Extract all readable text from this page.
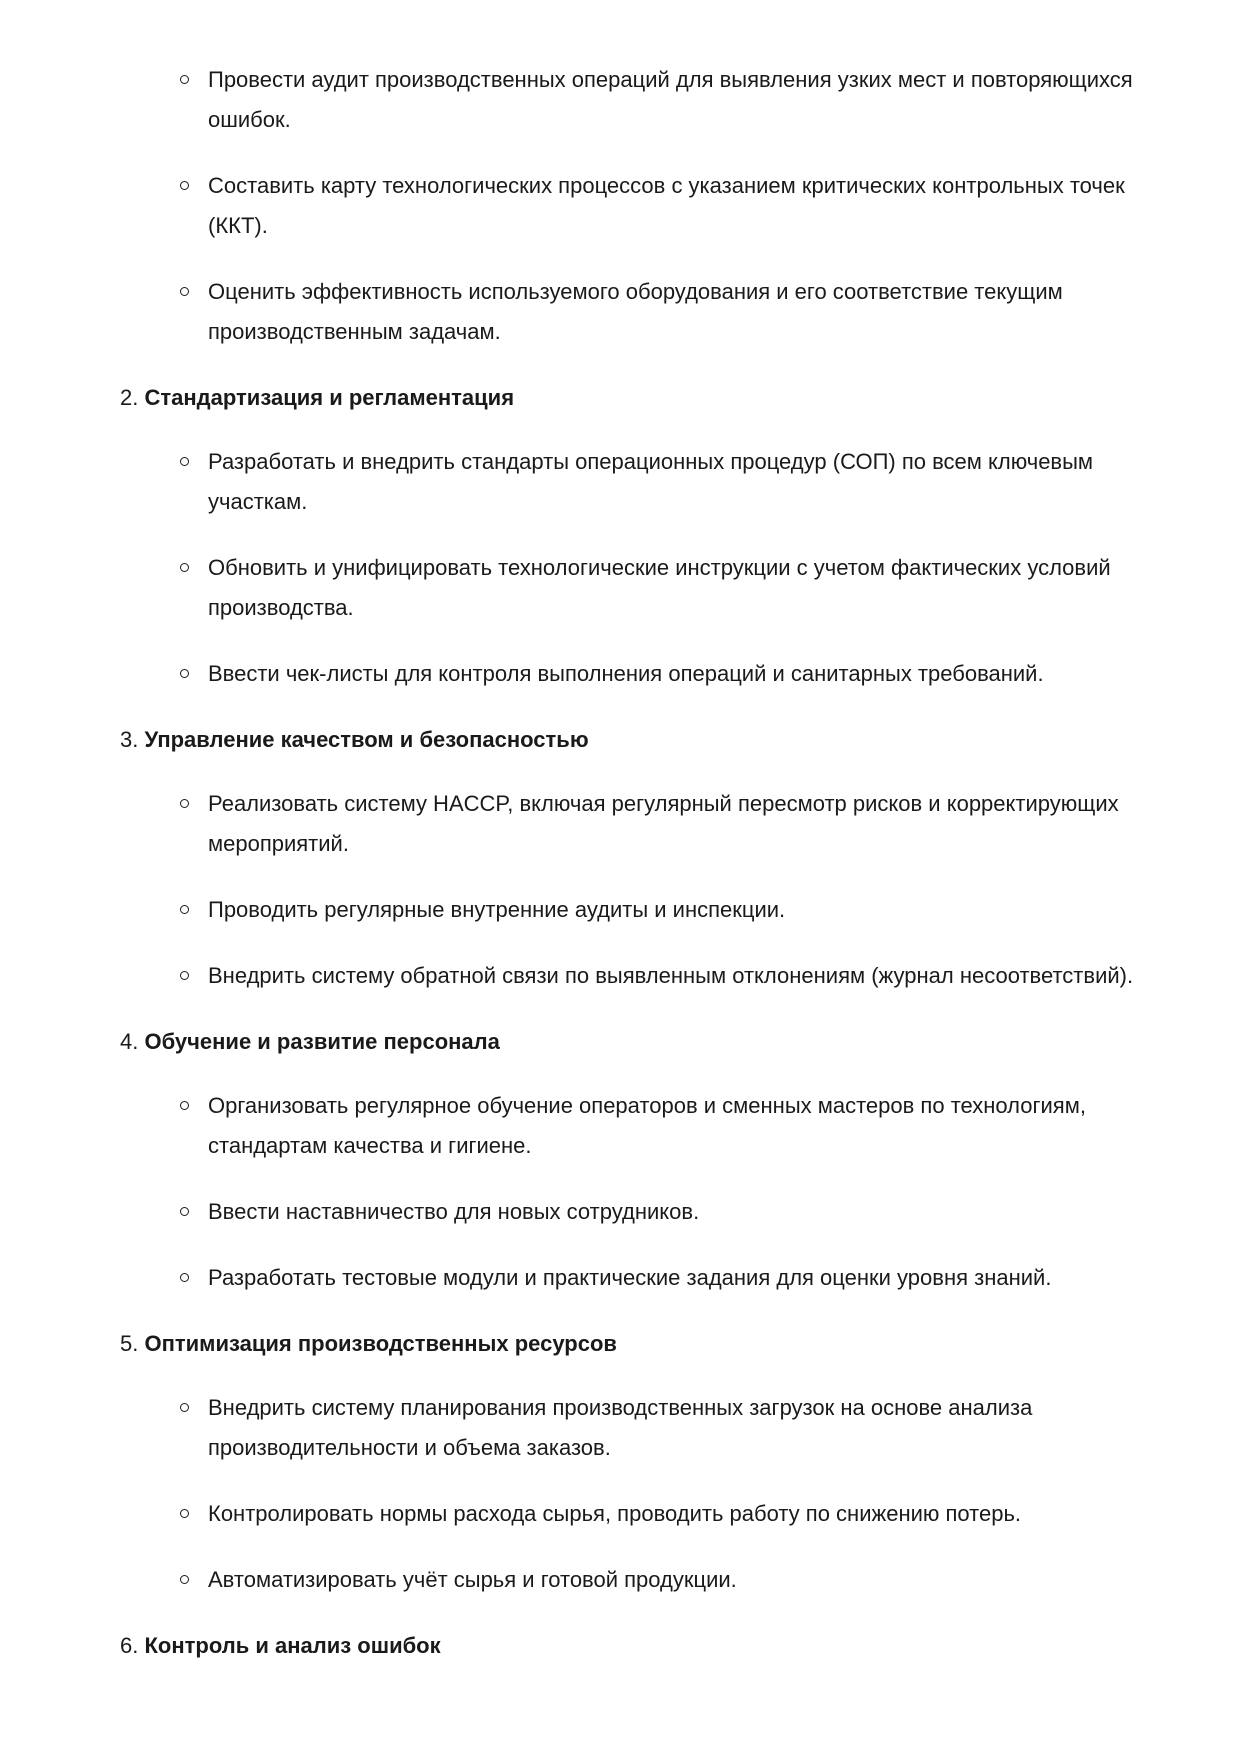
Провести аудит производственных операций для выявления узких мест и повторяющихся ошибок.
Составить карту технологических процессов с указанием критических контрольных точек (ККТ).
Оценить эффективность используемого оборудования и его соответствие текущим производственным задачам.
2. Стандартизация и регламентация
Разработать и внедрить стандарты операционных процедур (СОП) по всем ключевым участкам.
Обновить и унифицировать технологические инструкции с учетом фактических условий производства.
Ввести чек-листы для контроля выполнения операций и санитарных требований.
3. Управление качеством и безопасностью
Реализовать систему HACCP, включая регулярный пересмотр рисков и корректирующих мероприятий.
Проводить регулярные внутренние аудиты и инспекции.
Внедрить систему обратной связи по выявленным отклонениям (журнал несоответствий).
4. Обучение и развитие персонала
Организовать регулярное обучение операторов и сменных мастеров по технологиям, стандартам качества и гигиене.
Ввести наставничество для новых сотрудников.
Разработать тестовые модули и практические задания для оценки уровня знаний.
5. Оптимизация производственных ресурсов
Внедрить систему планирования производственных загрузок на основе анализа производительности и объема заказов.
Контролировать нормы расхода сырья, проводить работу по снижению потерь.
Автоматизировать учёт сырья и готовой продукции.
6. Контроль и анализ ошибок
